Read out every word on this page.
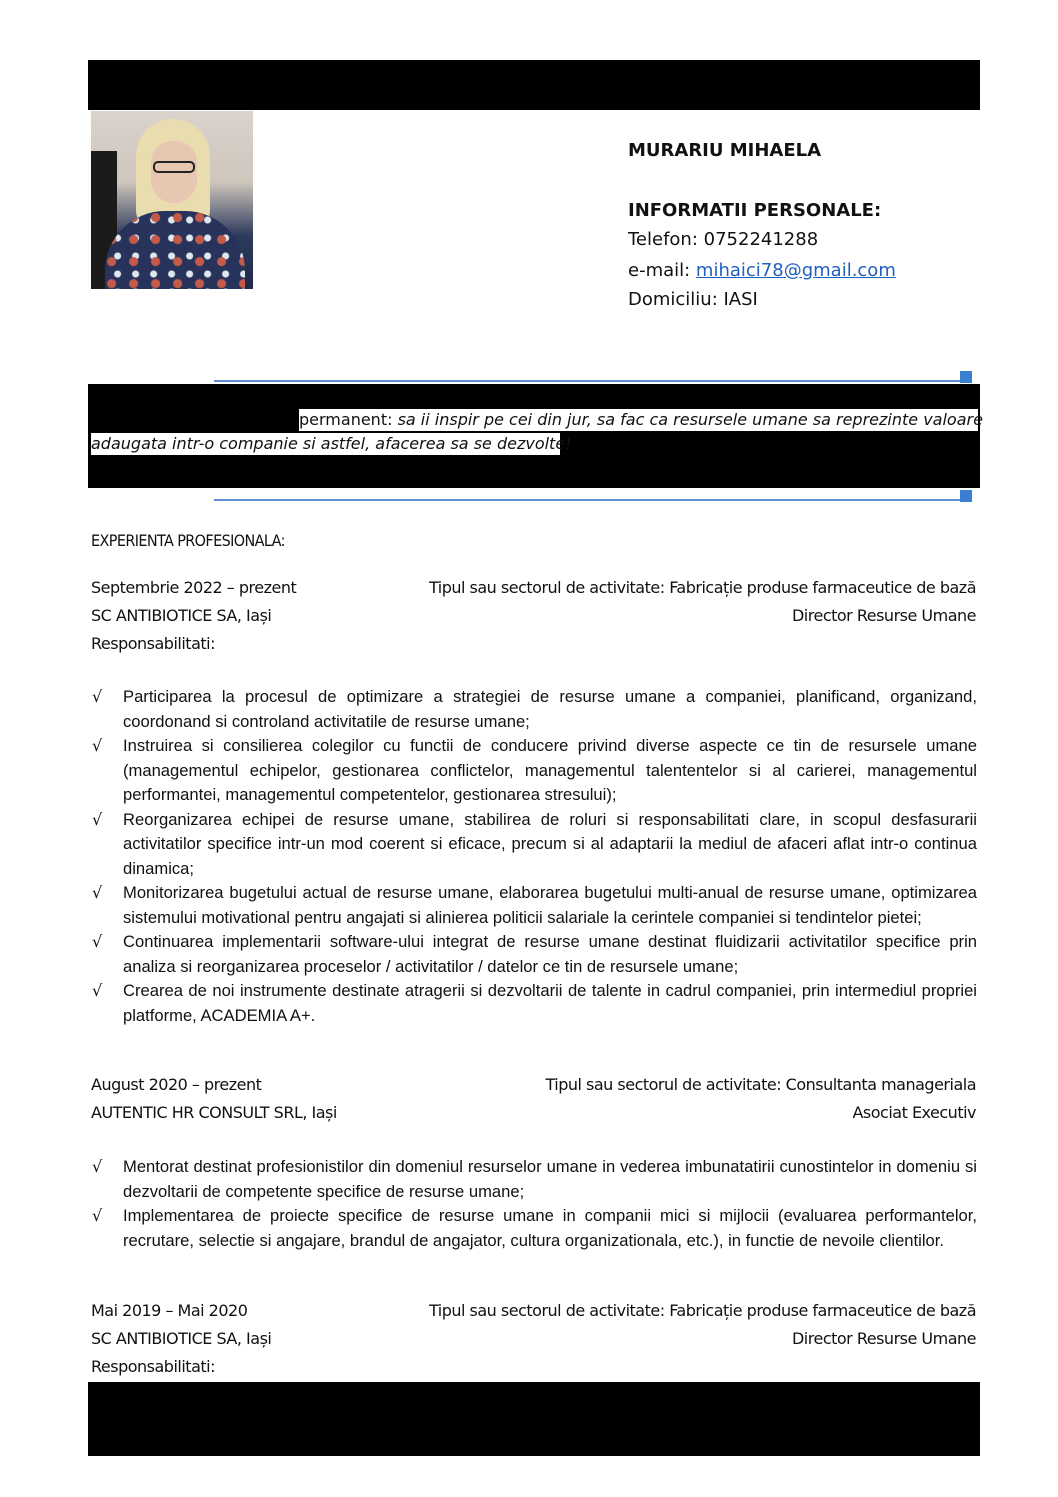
MURARIU MIHAELA
INFORMATII PERSONALE:
Telefon: 0752241288
e-mail: mihaici78@gmail.com
Domiciliu: IASI
permanent: sa ii inspir pe cei din jur, sa fac ca resursele umane sa reprezinte valoare
adaugata intr-o companie si astfel, afacerea sa se dezvolte!
EXPERIENTA PROFESIONALA:
Septembrie 2022 – prezent	Tipul sau sectorul de activitate: Fabricație produse farmaceutice de bază
SC ANTIBIOTICE SA, Iași	Director Resurse Umane
Responsabilitati:
√ Participarea la procesul de optimizare a strategiei de resurse umane a companiei, planificand, organizand, coordonand si controland activitatile de resurse umane;
√ Instruirea si consilierea colegilor cu functii de conducere privind diverse aspecte ce tin de resursele umane (managementul echipelor, gestionarea conflictelor, managementul talententelor si al carierei, managementul performantei, managementul competentelor, gestionarea stresului);
√ Reorganizarea echipei de resurse umane, stabilirea de roluri si responsabilitati clare, in scopul desfasurarii activitatilor specifice intr-un mod coerent si eficace, precum si al adaptarii la mediul de afaceri aflat intr-o continua dinamica;
√ Monitorizarea bugetului actual de resurse umane, elaborarea bugetului multi-anual de resurse umane, optimizarea sistemului motivational pentru angajati si alinierea politicii salariale la cerintele companiei si tendintelor pietei;
√ Continuarea implementarii software-ului integrat de resurse umane destinat fluidizarii activitatilor specifice prin analiza si reorganizarea proceselor / activitatilor / datelor ce tin de resursele umane;
√ Crearea de noi instrumente destinate atragerii si dezvoltarii de talente in cadrul companiei, prin intermediul propriei platforme, ACADEMIA A+.
August 2020 – prezent	Tipul sau sectorul de activitate: Consultanta manageriala
AUTENTIC HR CONSULT SRL, Iași	Asociat Executiv
√ Mentorat destinat profesionistilor din domeniul resurselor umane in vederea imbunatatirii cunostintelor in domeniu si dezvoltarii de competente specifice de resurse umane;
√ Implementarea de proiecte specifice de resurse umane in companii mici si mijlocii (evaluarea performantelor, recrutare, selectie si angajare, brandul de angajator, cultura organizationala, etc.), in functie de nevoile clientilor.
Mai 2019 – Mai 2020	Tipul sau sectorul de activitate: Fabricație produse farmaceutice de bază
SC ANTIBIOTICE SA, Iași	Director Resurse Umane
Responsabilitati:
